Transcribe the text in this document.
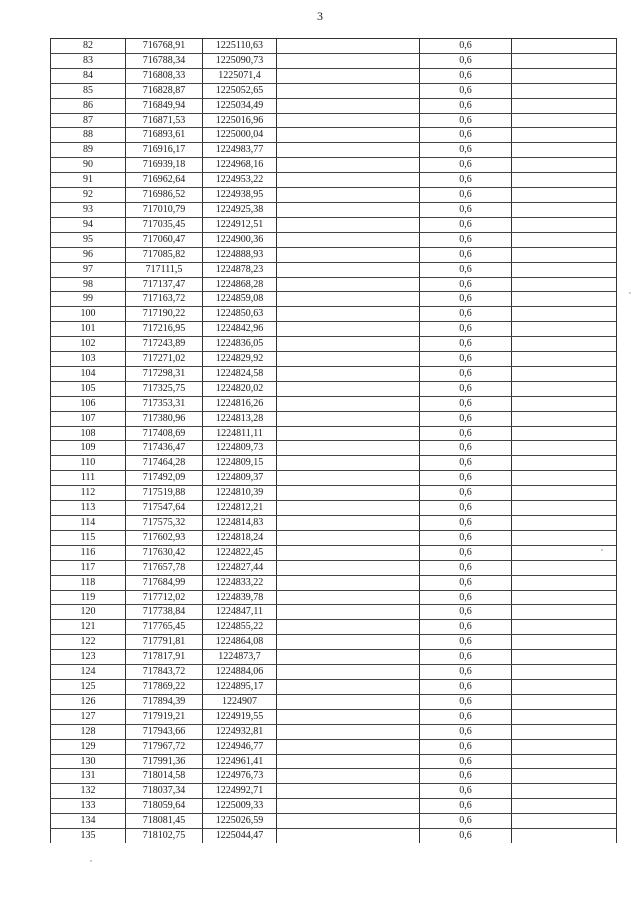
3
82	716768,91	1225110,63		0,6	
83	716788,34	1225090,73		0,6	
84	716808,33	1225071,4		0,6	
85	716828,87	1225052,65		0,6	
86	716849,94	1225034,49		0,6	
87	716871,53	1225016,96		0,6	
88	716893,61	1225000,04		0,6	
89	716916,17	1224983,77		0,6	
90	716939,18	1224968,16		0,6	
91	716962,64	1224953,22		0,6	
92	716986,52	1224938,95		0,6	
93	717010,79	1224925,38		0,6	
94	717035,45	1224912,51		0,6	
95	717060,47	1224900,36		0,6	
96	717085,82	1224888,93		0,6	
97	717111,5	1224878,23		0,6	
98	717137,47	1224868,28		0,6	
99	717163,72	1224859,08		0,6	
100	717190,22	1224850,63		0,6	
101	717216,95	1224842,96		0,6	
102	717243,89	1224836,05		0,6	
103	717271,02	1224829,92		0,6	
104	717298,31	1224824,58		0,6	
105	717325,75	1224820,02		0,6	
106	717353,31	1224816,26		0,6	
107	717380,96	1224813,28		0,6	
108	717408,69	1224811,11		0,6	
109	717436,47	1224809,73		0,6	
110	717464,28	1224809,15		0,6	
111	717492,09	1224809,37		0,6	
112	717519,88	1224810,39		0,6	
113	717547,64	1224812,21		0,6	
114	717575,32	1224814,83		0,6	
115	717602,93	1224818,24		0,6	
116	717630,42	1224822,45		0,6	
117	717657,78	1224827,44		0,6	
118	717684,99	1224833,22		0,6	
119	717712,02	1224839,78		0,6	
120	717738,84	1224847,11		0,6	
121	717765,45	1224855,22		0,6	
122	717791,81	1224864,08		0,6	
123	717817,91	1224873,7		0,6	
124	717843,72	1224884,06		0,6	
125	717869,22	1224895,17		0,6	
126	717894,39	1224907		0,6	
127	717919,21	1224919,55		0,6	
128	717943,66	1224932,81		0,6	
129	717967,72	1224946,77		0,6	
130	717991,36	1224961,41		0,6	
131	718014,58	1224976,73		0,6	
132	718037,34	1224992,71		0,6	
133	718059,64	1225009,33		0,6	
134	718081,45	1225026,59		0,6	
135	718102,75	1225044,47		0,6	
